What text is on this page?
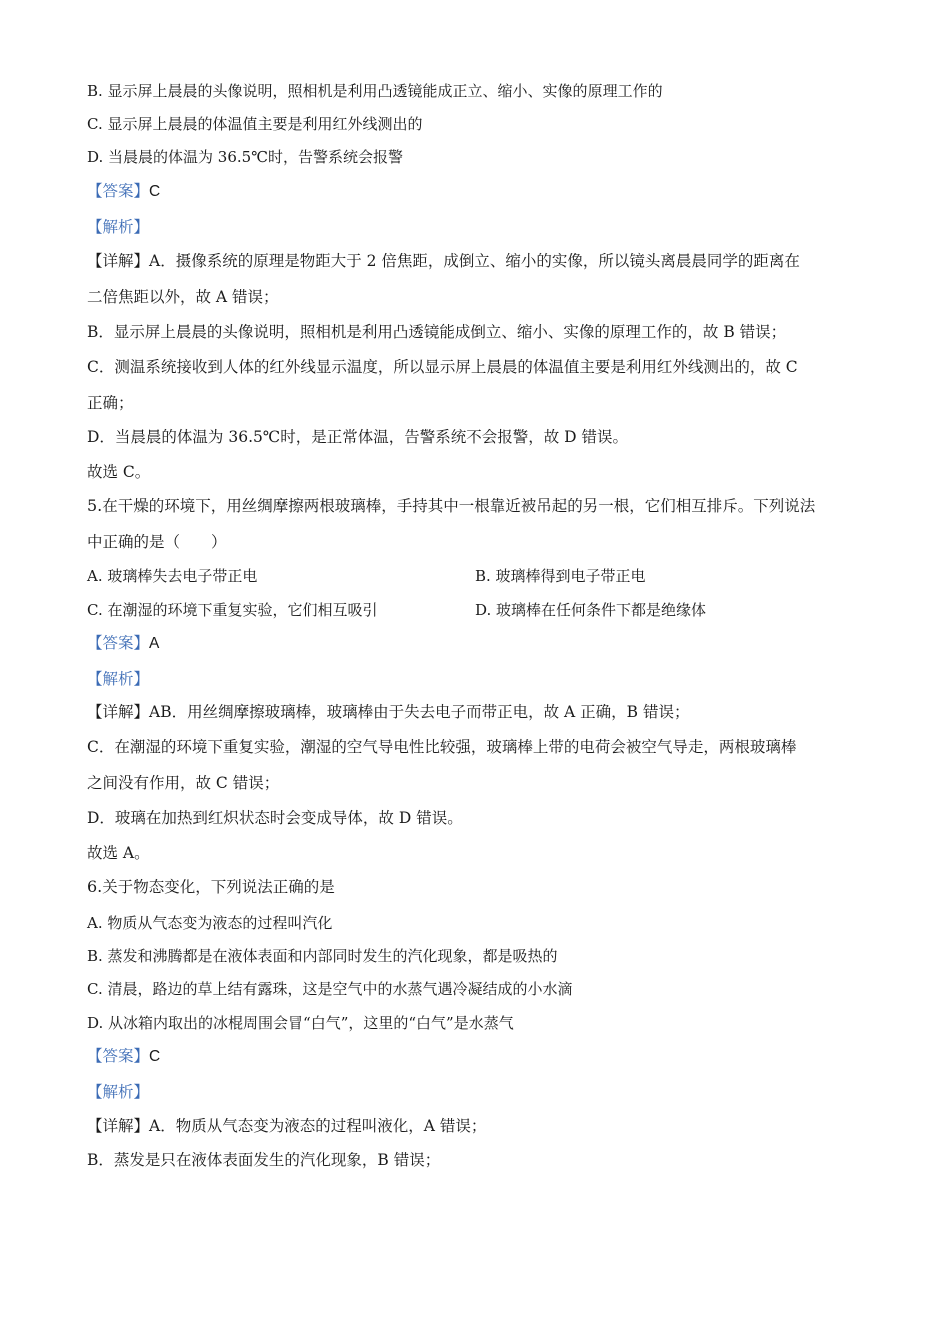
B. 显示屏上晨晨的头像说明，照相机是利用凸透镜能成正立、缩小、实像的原理工作的
C. 显示屏上晨晨的体温值主要是利用红外线测出的
D. 当晨晨的体温为 36.5℃时，告警系统会报警
【答案】C
【解析】
【详解】A．摄像系统的原理是物距大于 2 倍焦距，成倒立、缩小的实像，所以镜头离晨晨同学的距离在
二倍焦距以外，故 A 错误；
B．显示屏上晨晨的头像说明，照相机是利用凸透镜能成倒立、缩小、实像的原理工作的，故 B 错误；
C．测温系统接收到人体的红外线显示温度，所以显示屏上晨晨的体温值主要是利用红外线测出的，故 C
正确；
D．当晨晨的体温为 36.5℃时，是正常体温，告警系统不会报警，故 D 错误。
故选 C。
5.在干燥的环境下，用丝绸摩擦两根玻璃棒，手持其中一根靠近被吊起的另一根，它们相互排斥。下列说法
中正确的是（　　）
A. 玻璃棒失去电子带正电	B. 玻璃棒得到电子带正电
C. 在潮湿的环境下重复实验，它们相互吸引	D. 玻璃棒在任何条件下都是绝缘体
【答案】A
【解析】
【详解】AB．用丝绸摩擦玻璃棒，玻璃棒由于失去电子而带正电，故 A 正确，B 错误；
C．在潮湿的环境下重复实验，潮湿的空气导电性比较强，玻璃棒上带的电荷会被空气导走，两根玻璃棒
之间没有作用，故 C 错误；
D．玻璃在加热到红炽状态时会变成导体，故 D 错误。
故选 A。
6.关于物态变化，下列说法正确的是
A. 物质从气态变为液态的过程叫汽化
B. 蒸发和沸腾都是在液体表面和内部同时发生的汽化现象，都是吸热的
C. 清晨，路边的草上结有露珠，这是空气中的水蒸气遇冷凝结成的小水滴
D. 从冰箱内取出的冰棍周围会冒“白气”，这里的“白气”是水蒸气
【答案】C
【解析】
【详解】A．物质从气态变为液态的过程叫液化，A 错误；
B．蒸发是只在液体表面发生的汽化现象，B 错误；
